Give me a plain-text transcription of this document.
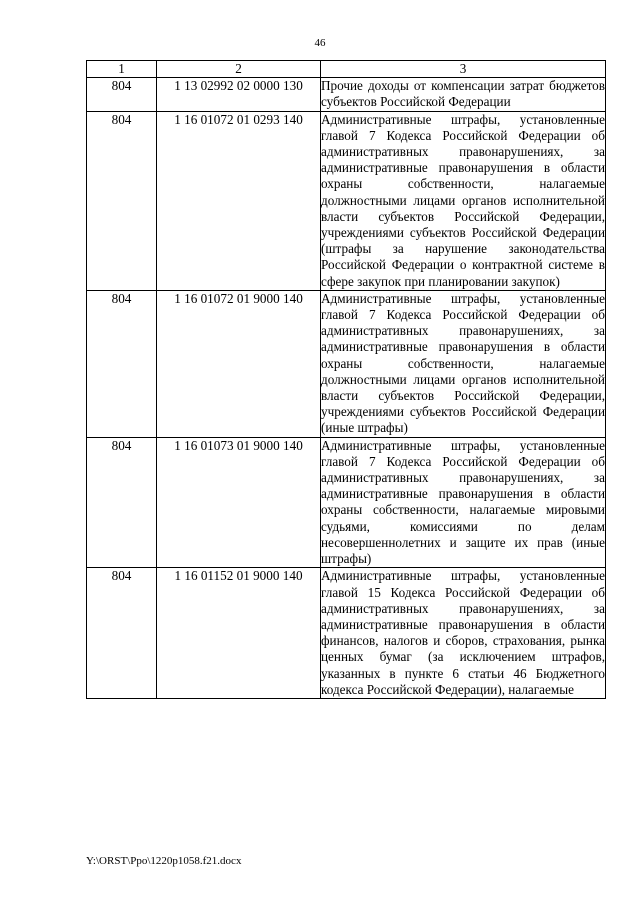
46
1	2	3
804	1 13 02992 02 0000 130	Прочие доходы от компенсации затрат бюджетов субъектов Российской Федерации
804	1 16 01072 01 0293 140	Административные штрафы, установленные главой 7 Кодекса Российской Федерации об административных правонарушениях, за административные правонарушения в области охраны собственности, налагаемые должностными лицами органов исполнительной власти субъектов Российской Федерации, учреждениями субъектов Российской Федерации (штрафы за нарушение законодательства Российской Федерации о контрактной системе в сфере закупок при планировании закупок)
804	1 16 01072 01 9000 140	Административные штрафы, установленные главой 7 Кодекса Российской Федерации об административных правонарушениях, за административные правонарушения в области охраны собственности, налагаемые должностными лицами органов исполнительной власти субъектов Российской Федерации, учреждениями субъектов Российской Федерации (иные штрафы)
804	1 16 01073 01 9000 140	Административные штрафы, установленные главой 7 Кодекса Российской Федерации об административных правонарушениях, за административные правонарушения в области охраны собственности, налагаемые мировыми судьями, комиссиями по делам несовершеннолетних и защите их прав (иные штрафы)
804	1 16 01152 01 9000 140	Административные штрафы, установленные главой 15 Кодекса Российской Федерации об административных правонарушениях, за административные правонарушения в области финансов, налогов и сборов, страхования, рынка ценных бумаг (за исключением штрафов, указанных в пункте 6 статьи 46 Бюджетного кодекса Российской Федерации), налагаемые
Y:\ORST\Ppo\1220p1058.f21.docx
